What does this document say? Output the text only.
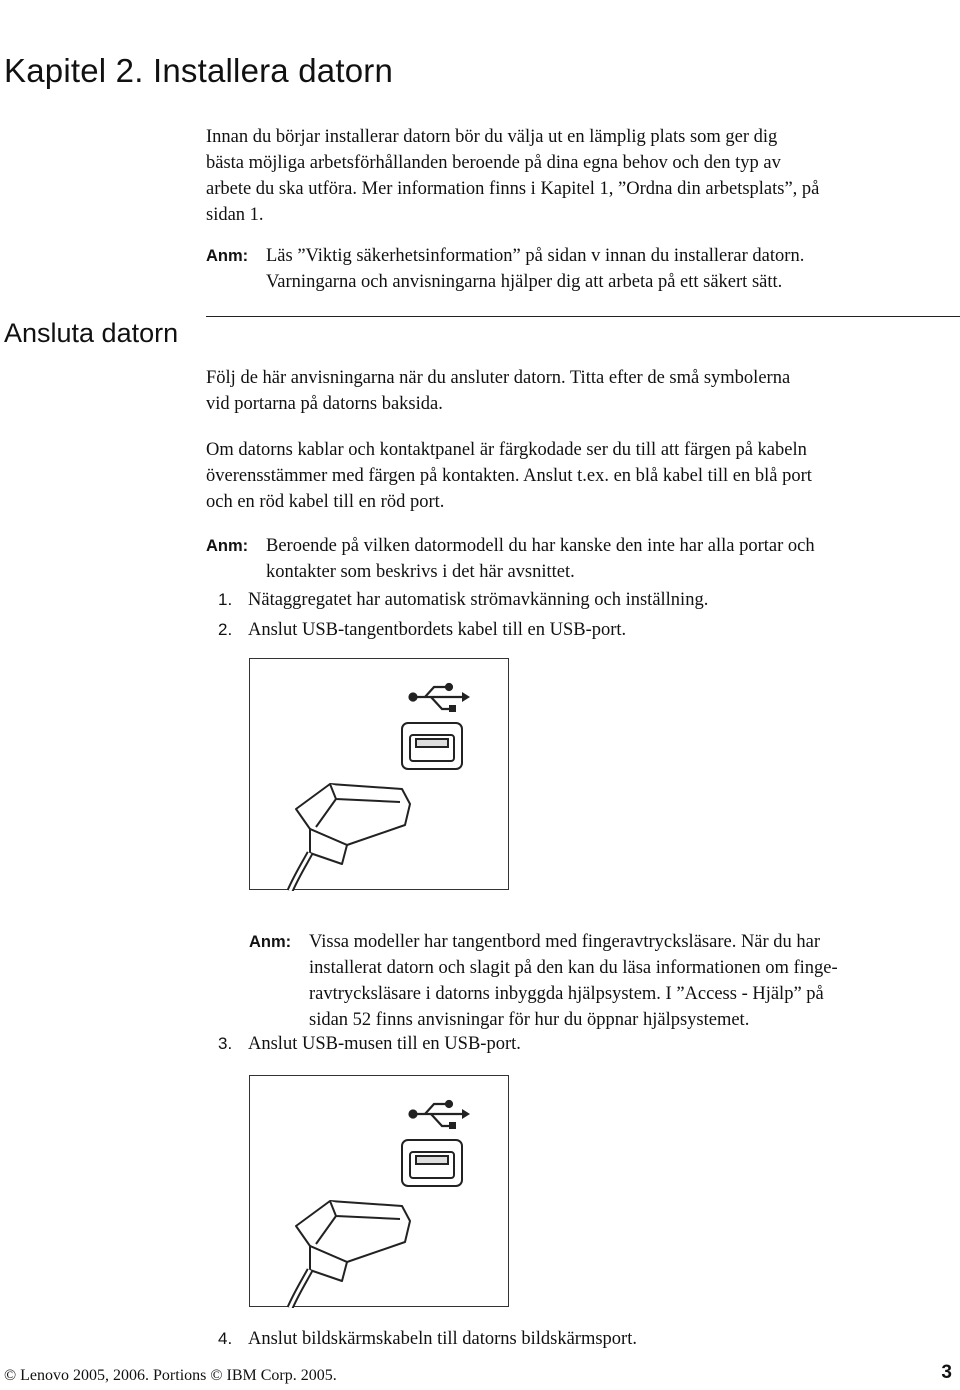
Kapitel 2. Installera datorn
Innan du börjar installerar datorn bör du välja ut en lämplig plats som ger dig
bästa möjliga arbetsförhållanden beroende på dina egna behov och den typ av
arbete du ska utföra. Mer information finns i Kapitel 1, ”Ordna din arbetsplats”, på
sidan 1.
Anm: Läs ”Viktig säkerhetsinformation” på sidan v innan du installerar datorn.
Varningarna och anvisningarna hjälper dig att arbeta på ett säkert sätt.
Ansluta datorn
Följ de här anvisningarna när du ansluter datorn. Titta efter de små symbolerna
vid portarna på datorns baksida.
Om datorns kablar och kontaktpanel är färgkodade ser du till att färgen på kabeln
överensstämmer med färgen på kontakten. Anslut t.ex. en blå kabel till en blå port
och en röd kabel till en röd port.
Anm: Beroende på vilken datormodell du har kanske den inte har alla portar och
kontakter som beskrivs i det här avsnittet.
1. Nätaggregatet har automatisk strömavkänning och inställning.
2. Anslut USB-tangentbordets kabel till en USB-port.
Anm: Vissa modeller har tangentbord med fingeravtrycksläsare. När du har
installerat datorn och slagit på den kan du läsa informationen om finge-
ravtrycksläsare i datorns inbyggda hjälpsystem. I ”Access - Hjälp” på
sidan 52 finns anvisningar för hur du öppnar hjälpsystemet.
3. Anslut USB-musen till en USB-port.
4. Anslut bildskärmskabeln till datorns bildskärmsport.
© Lenovo 2005, 2006. Portions © IBM Corp. 2005.	3
